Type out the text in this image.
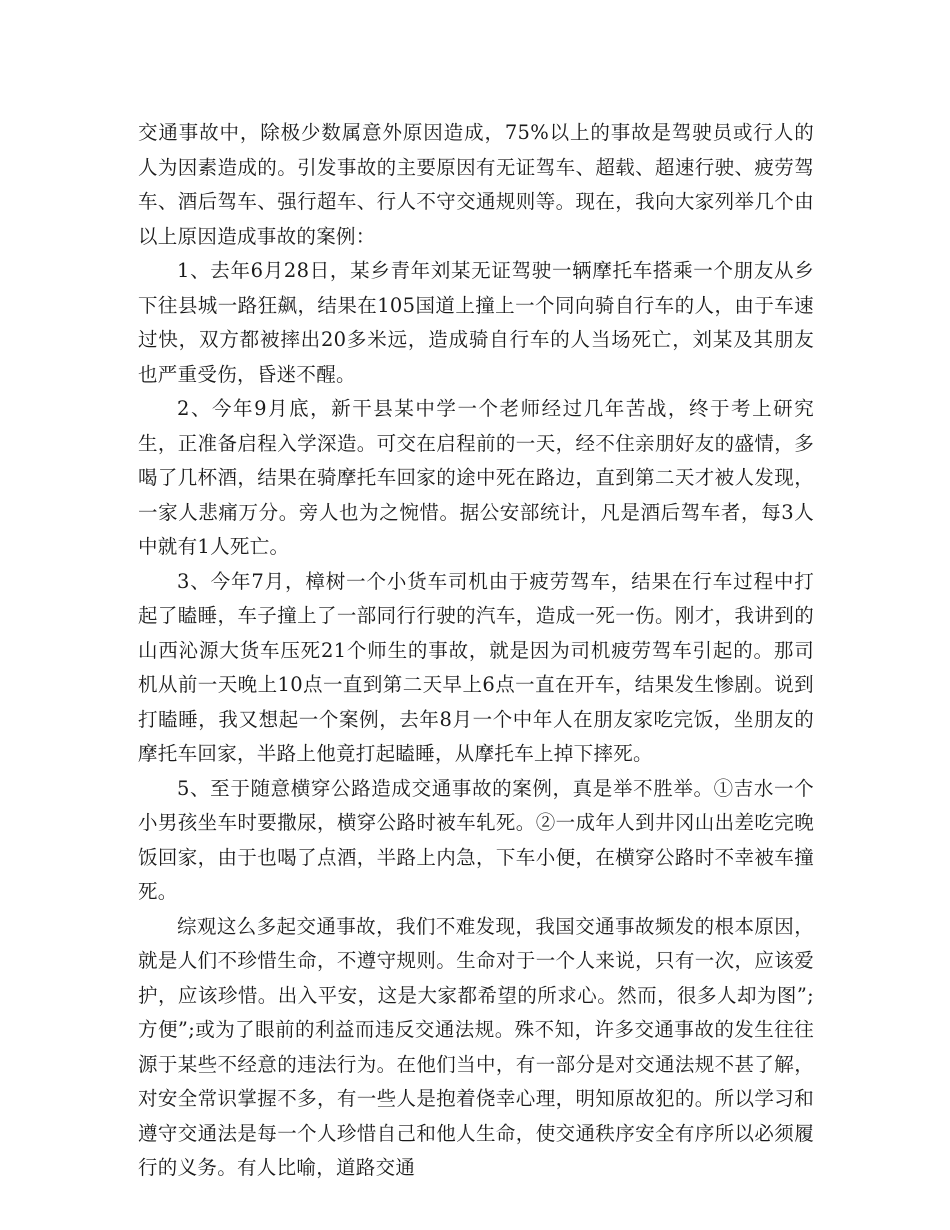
交通事故中，除极少数属意外原因造成，75%以上的事故是驾驶员或行人的人为因素造成的。引发事故的主要原因有无证驾车、超载、超速行驶、疲劳驾车、酒后驾车、强行超车、行人不守交通规则等。现在，我向大家列举几个由以上原因造成事故的案例：

1、去年6月28日，某乡青年刘某无证驾驶一辆摩托车搭乘一个朋友从乡下往县城一路狂飙，结果在105国道上撞上一个同向骑自行车的人，由于车速过快，双方都被摔出20多米远，造成骑自行车的人当场死亡，刘某及其朋友也严重受伤，昏迷不醒。

2、今年9月底，新干县某中学一个老师经过几年苦战，终于考上研究生，正准备启程入学深造。可交在启程前的一天，经不住亲朋好友的盛情，多喝了几杯酒，结果在骑摩托车回家的途中死在路边，直到第二天才被人发现，一家人悲痛万分。旁人也为之惋惜。据公安部统计，凡是酒后驾车者，每3人中就有1人死亡。

3、今年7月，樟树一个小货车司机由于疲劳驾车，结果在行车过程中打起了瞌睡，车子撞上了一部同行行驶的汽车，造成一死一伤。刚才，我讲到的山西沁源大货车压死21个师生的事故，就是因为司机疲劳驾车引起的。那司机从前一天晚上10点一直到第二天早上6点一直在开车，结果发生惨剧。说到打瞌睡，我又想起一个案例，去年8月一个中年人在朋友家吃完饭，坐朋友的摩托车回家，半路上他竟打起瞌睡，从摩托车上掉下摔死。

5、至于随意横穿公路造成交通事故的案例，真是举不胜举。①吉水一个小男孩坐车时要撒尿，横穿公路时被车轧死。②一成年人到井冈山出差吃完晚饭回家，由于也喝了点酒，半路上内急，下车小便，在横穿公路时不幸被车撞死。

综观这么多起交通事故，我们不难发现，我国交通事故频发的根本原因，就是人们不珍惜生命，不遵守规则。生命对于一个人来说，只有一次，应该爱护，应该珍惜。出入平安，这是大家都希望的所求心。然而，很多人却为图”;方便”;或为了眼前的利益而违反交通法规。殊不知，许多交通事故的发生往往源于某些不经意的违法行为。在他们当中，有一部分是对交通法规不甚了解，对安全常识掌握不多，有一些人是抱着侥幸心理，明知原故犯的。所以学习和遵守交通法是每一个人珍惜自己和他人生命，使交通秩序安全有序所以必须履行的义务。有人比喻，道路交通
